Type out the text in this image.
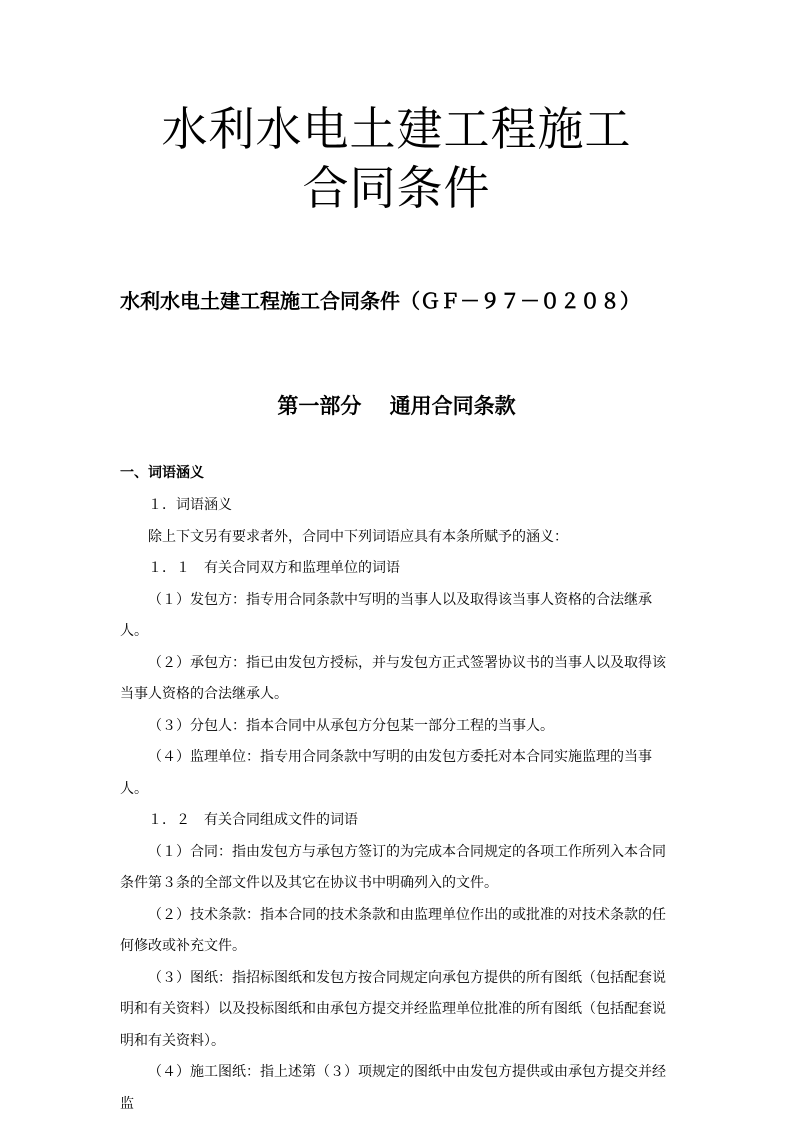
水利水电土建工程施工
合同条件
水利水电土建工程施工合同条件（ＧＦ－９７－０２０８）
第一部分　 通用合同条款
一、词语涵义

１．词语涵义

除上下文另有要求者外，合同中下列词语应具有本条所赋予的涵义：

１．１　有关合同双方和监理单位的词语

（１）发包方：指专用合同条款中写明的当事人以及取得该当事人资格的合法继承人。

（２）承包方：指已由发包方授标，并与发包方正式签署协议书的当事人以及取得该当事人资格的合法继承人。

（３）分包人：指本合同中从承包方分包某一部分工程的当事人。

（４）监理单位：指专用合同条款中写明的由发包方委托对本合同实施监理的当事人。

１．２　有关合同组成文件的词语

（１）合同：指由发包方与承包方签订的为完成本合同规定的各项工作所列入本合同条件第３条的全部文件以及其它在协议书中明确列入的文件。

（２）技术条款：指本合同的技术条款和由监理单位作出的或批准的对技术条款的任何修改或补充文件。

（３）图纸：指招标图纸和发包方按合同规定向承包方提供的所有图纸（包括配套说明和有关资料）以及投标图纸和由承包方提交并经监理单位批准的所有图纸（包括配套说明和有关资料）。

（４）施工图纸：指上述第（３）项规定的图纸中由发包方提供或由承包方提交并经监
